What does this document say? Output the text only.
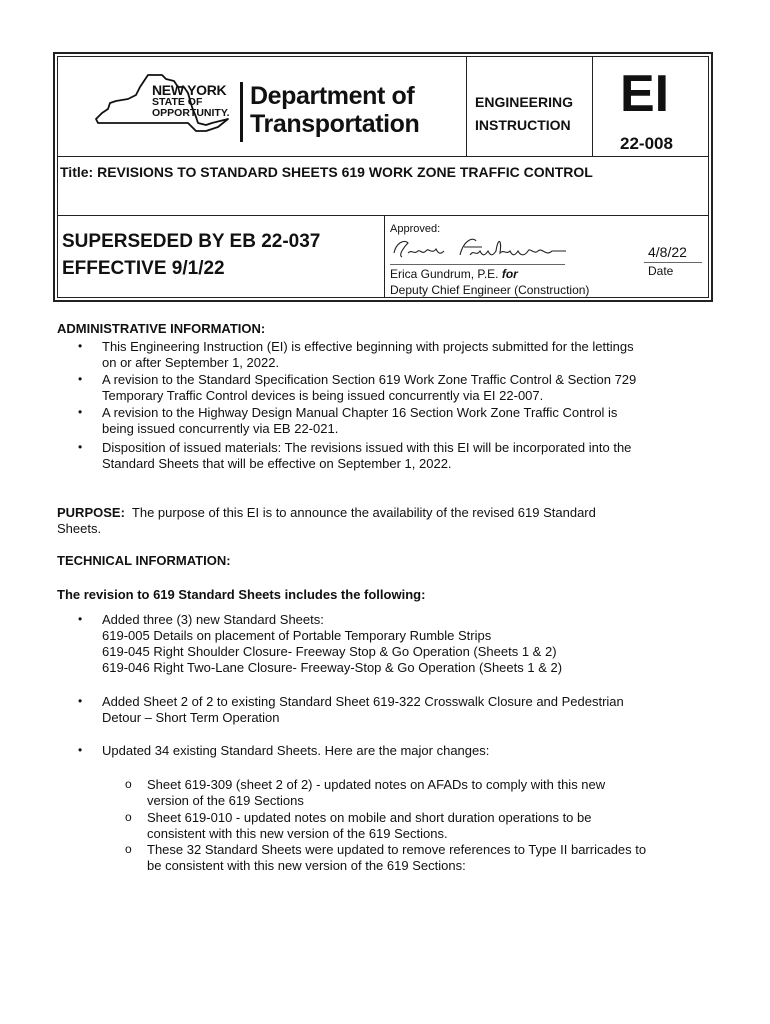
NEW YORK
STATE OF
OPPORTUNITY.
Department of
Transportation
ENGINEERING
INSTRUCTION
EI
22-008
Title: REVISIONS TO STANDARD SHEETS 619 WORK ZONE TRAFFIC CONTROL
SUPERSEDED BY EB 22-037
EFFECTIVE 9/1/22
Approved:
Erica Gundrum, P.E. for
Deputy Chief Engineer (Construction)
4/8/22
Date
ADMINISTRATIVE INFORMATION:
• This Engineering Instruction (EI) is effective beginning with projects submitted for the lettings
on or after September 1, 2022.
• A revision to the Standard Specification Section 619 Work Zone Traffic Control & Section 729
Temporary Traffic Control devices is being issued concurrently via EI 22-007.
• A revision to the Highway Design Manual Chapter 16 Section Work Zone Traffic Control is
being issued concurrently via EB 22-021.
• Disposition of issued materials: The revisions issued with this EI will be incorporated into the
Standard Sheets that will be effective on September 1, 2022.
PURPOSE: The purpose of this EI is to announce the availability of the revised 619 Standard
Sheets.
TECHNICAL INFORMATION:
The revision to 619 Standard Sheets includes the following:
• Added three (3) new Standard Sheets:
619-005 Details on placement of Portable Temporary Rumble Strips
619-045 Right Shoulder Closure- Freeway Stop & Go Operation (Sheets 1 & 2)
619-046 Right Two-Lane Closure- Freeway-Stop & Go Operation (Sheets 1 & 2)
• Added Sheet 2 of 2 to existing Standard Sheet 619-322 Crosswalk Closure and Pedestrian
Detour – Short Term Operation
• Updated 34 existing Standard Sheets. Here are the major changes:
o Sheet 619-309 (sheet 2 of 2) - updated notes on AFADs to comply with this new
version of the 619 Sections
o Sheet 619-010 - updated notes on mobile and short duration operations to be
consistent with this new version of the 619 Sections.
o These 32 Standard Sheets were updated to remove references to Type II barricades to
be consistent with this new version of the 619 Sections:
